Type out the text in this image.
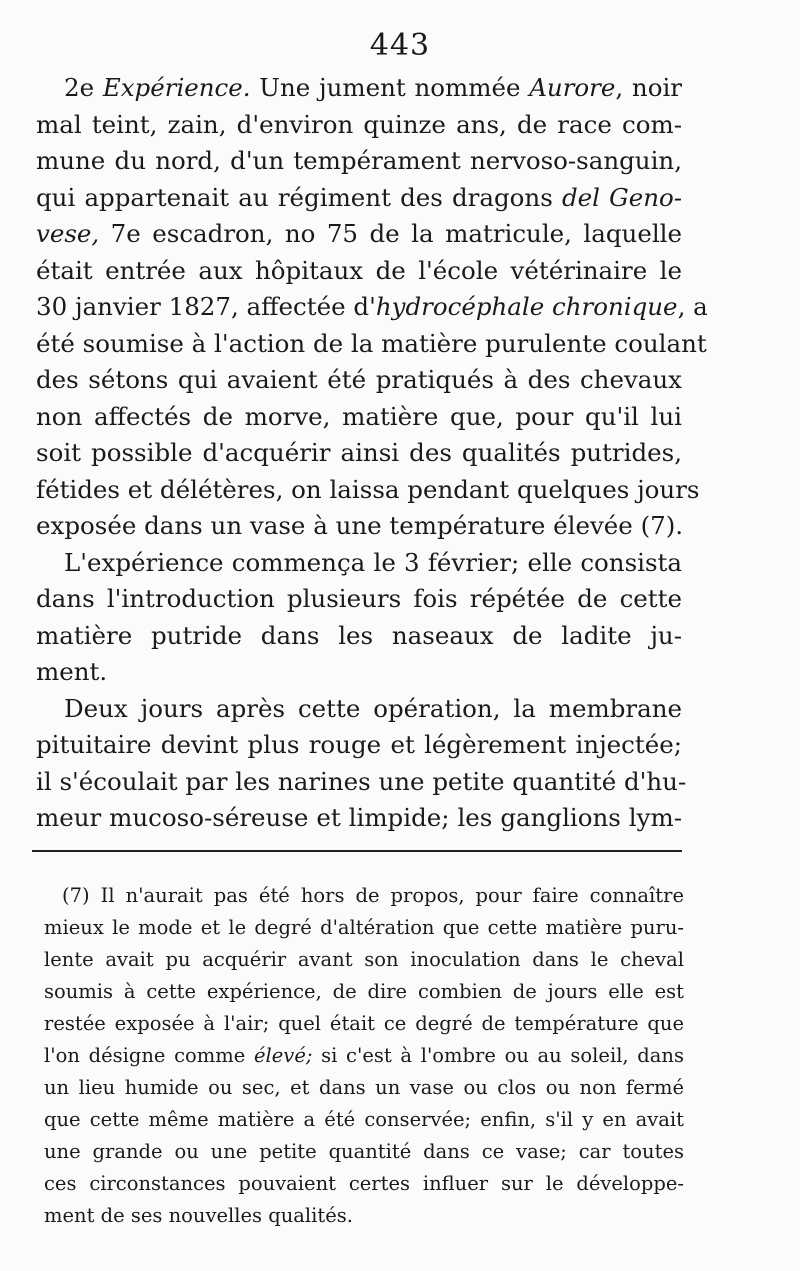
443
2e Expérience. Une jument nommée Aurore, noir
mal teint, zain, d'environ quinze ans, de race com-
mune du nord, d'un tempérament nervoso-sanguin,
qui appartenait au régiment des dragons del Geno-
vese, 7e escadron, no 75 de la matricule, laquelle
était entrée aux hôpitaux de l'école vétérinaire le
30 janvier 1827, affectée d'hydrocéphale chronique, a
été soumise à l'action de la matière purulente coulant
des sétons qui avaient été pratiqués à des chevaux
non affectés de morve, matière que, pour qu'il lui
soit possible d'acquérir ainsi des qualités putrides,
fétides et délétères, on laissa pendant quelques jours
exposée dans un vase à une température élevée (7).
L'expérience commença le 3 février; elle consista
dans l'introduction plusieurs fois répétée de cette
matière putride dans les naseaux de ladite ju-
ment.
Deux jours après cette opération, la membrane
pituitaire devint plus rouge et légèrement injectée;
il s'écoulait par les narines une petite quantité d'hu-
meur mucoso-séreuse et limpide; les ganglions lym-
(7) Il n'aurait pas été hors de propos, pour faire connaître
mieux le mode et le degré d'altération que cette matière puru-
lente avait pu acquérir avant son inoculation dans le cheval
soumis à cette expérience, de dire combien de jours elle est
restée exposée à l'air; quel était ce degré de température que
l'on désigne comme élevé; si c'est à l'ombre ou au soleil, dans
un lieu humide ou sec, et dans un vase ou clos ou non fermé
que cette même matière a été conservée; enfin, s'il y en avait
une grande ou une petite quantité dans ce vase; car toutes
ces circonstances pouvaient certes influer sur le développe-
ment de ses nouvelles qualités.
